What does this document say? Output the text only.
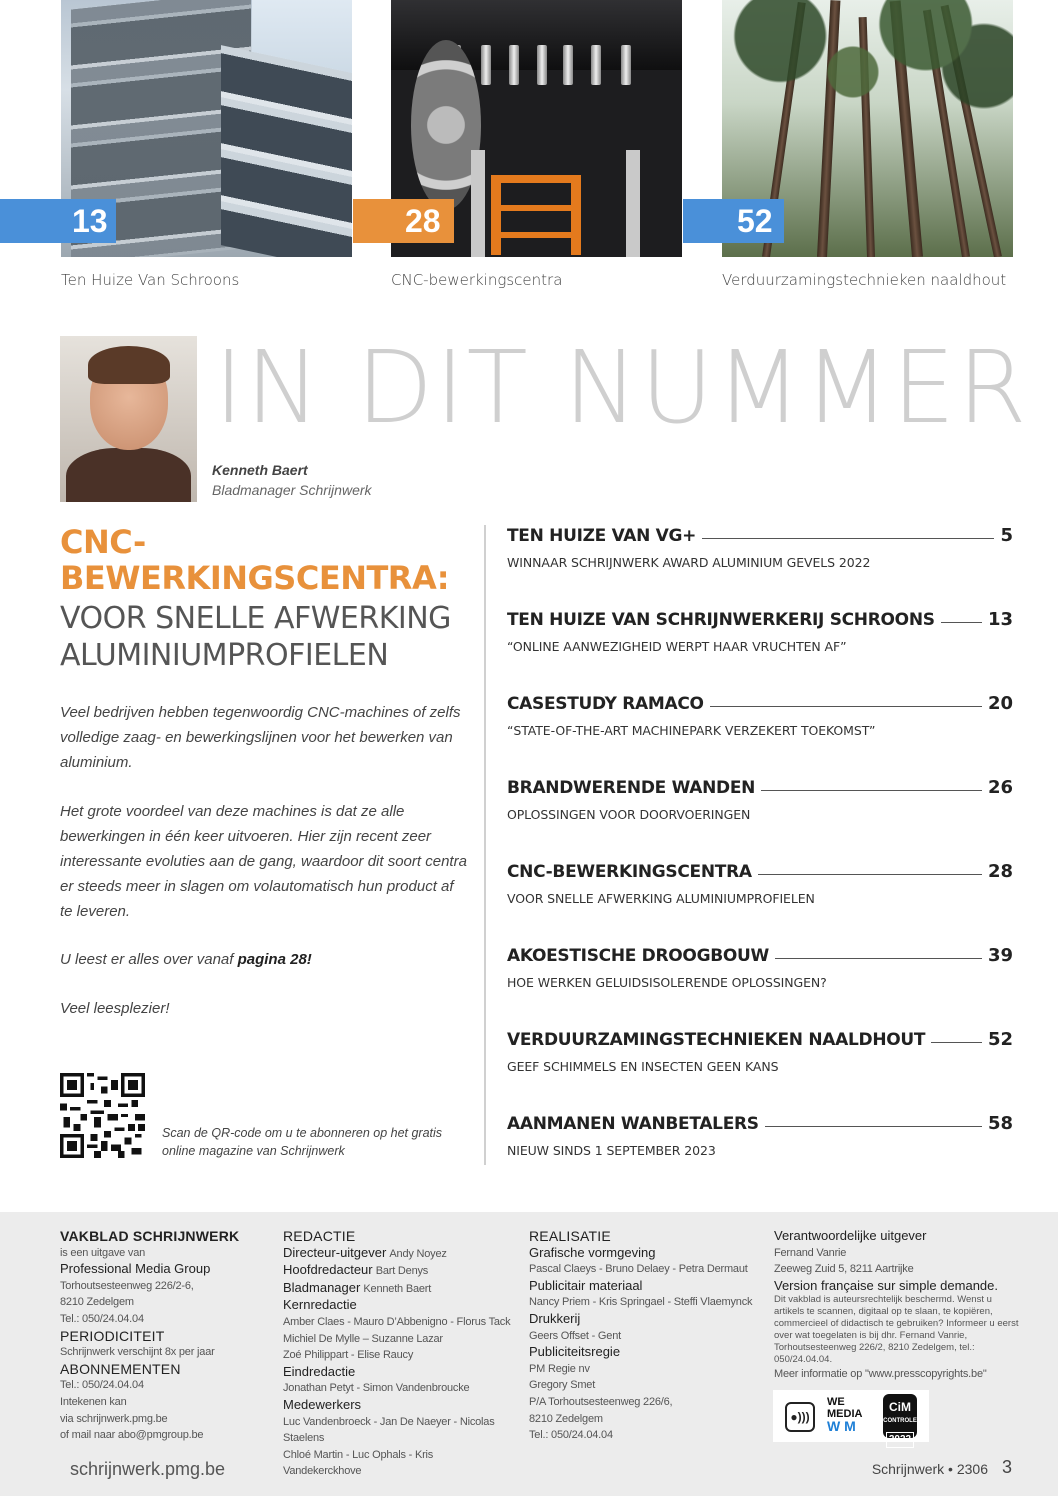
Ten Huize Van Schroons
13
CNC-bewerkingscentra
28
Verduurzamingstechnieken naaldhout
52
IN DIT NUMMER
Kenneth Baert
Bladmanager Schrijnwerk
CNC-
BEWERKINGSCENTRA:
VOOR SNELLE AFWERKING
ALUMINIUMPROFIELEN

Veel bedrijven hebben tegenwoordig CNC-machines of zelfs volledige zaag- en bewerkingslijnen voor het bewerken van aluminium.

Het grote voordeel van deze machines is dat ze alle bewerkingen in één keer uitvoeren. Hier zijn recent zeer interessante evoluties aan de gang, waardoor dit soort centra er steeds meer in slagen om volautomatisch hun product af te leveren.

U leest er alles over vanaf pagina 28!

Veel leesplezier!

Scan de QR-code om u te abonneren op het gratis online magazine van Schrijnwerk

TEN HUIZE VAN VG+	5
WINNAAR SCHRIJNWERK AWARD ALUMINIUM GEVELS 2022
TEN HUIZE VAN SCHRIJNWERKERIJ SCHROONS	13
“ONLINE AANWEZIGHEID WERPT HAAR VRUCHTEN AF”
CASESTUDY RAMACO	20
“STATE-OF-THE-ART MACHINEPARK VERZEKERT TOEKOMST”
BRANDWERENDE WANDEN	26
OPLOSSINGEN VOOR DOORVOERINGEN
CNC-BEWERKINGSCENTRA	28
VOOR SNELLE AFWERKING ALUMINIUMPROFIELEN
AKOESTISCHE DROOGBOUW	39
HOE WERKEN GELUIDSISOLERENDE OPLOSSINGEN?
VERDUURZAMINGSTECHNIEKEN NAALDHOUT	52
GEEF SCHIMMELS EN INSECTEN GEEN KANS
AANMANEN WANBETALERS	58
NIEUW SINDS 1 SEPTEMBER 2023
VAKBLAD SCHRIJNWERK
is een uitgave van
Professional Media Group
Torhoutsesteenweg 226/2-6,
8210 Zedelgem
Tel.: 050/24.04.04
PERIODICITEIT
Schrijnwerk verschijnt 8x per jaar
ABONNEMENTEN
Tel.: 050/24.04.04
Intekenen kan
via schrijnwerk.pmg.be
of mail naar abo@pmgroup.be
REDACTIE
Directeur-uitgever Andy Noyez
Hoofdredacteur Bart Denys
Bladmanager Kenneth Baert
Kernredactie
Amber Claes - Mauro D’Abbenigno - Florus Tack
Michiel De Mylle – Suzanne Lazar
Zoé Philippart - Elise Raucy
Eindredactie
Jonathan Petyt - Simon Vandenbroucke
Medewerkers
Luc Vandenbroeck - Jan De Naeyer - Nicolas Staelens
Chloé Martin - Luc Ophals - Kris Vandekerckhove
REALISATIE
Grafische vormgeving
Pascal Claeys - Bruno Delaey - Petra Dermaut
Publicitair materiaal
Nancy Priem - Kris Springael - Steffi Vlaemynck
Drukkerij
Geers Offset - Gent
Publiciteitsregie
PM Regie nv
Gregory Smet
P/A Torhoutsesteenweg 226/6,
8210 Zedelgem
Tel.: 050/24.04.04
Verantwoordelijke uitgever
Fernand Vanrie
Zeeweg Zuid 5, 8211 Aartrijke
Version française sur simple demande.
Dit vakblad is auteursrechtelijk beschermd. Wenst u artikels te scannen, digitaal op te slaan, te kopiëren, commercieel of didactisch te gebruiken? Informeer u eerst over wat toegelaten is bij dhr. Fernand Vanrie, Torhoutsesteenweg 226/2, 8210 Zedelgem, tel.: 050/24.04.04.
Meer informatie op "www.presscopyrights.be"
●)))
WE
MEDIA
W M
CiM
CONTROLE
2022
schrijnwerk.pmg.be	Schrijnwerk • 2306 3
